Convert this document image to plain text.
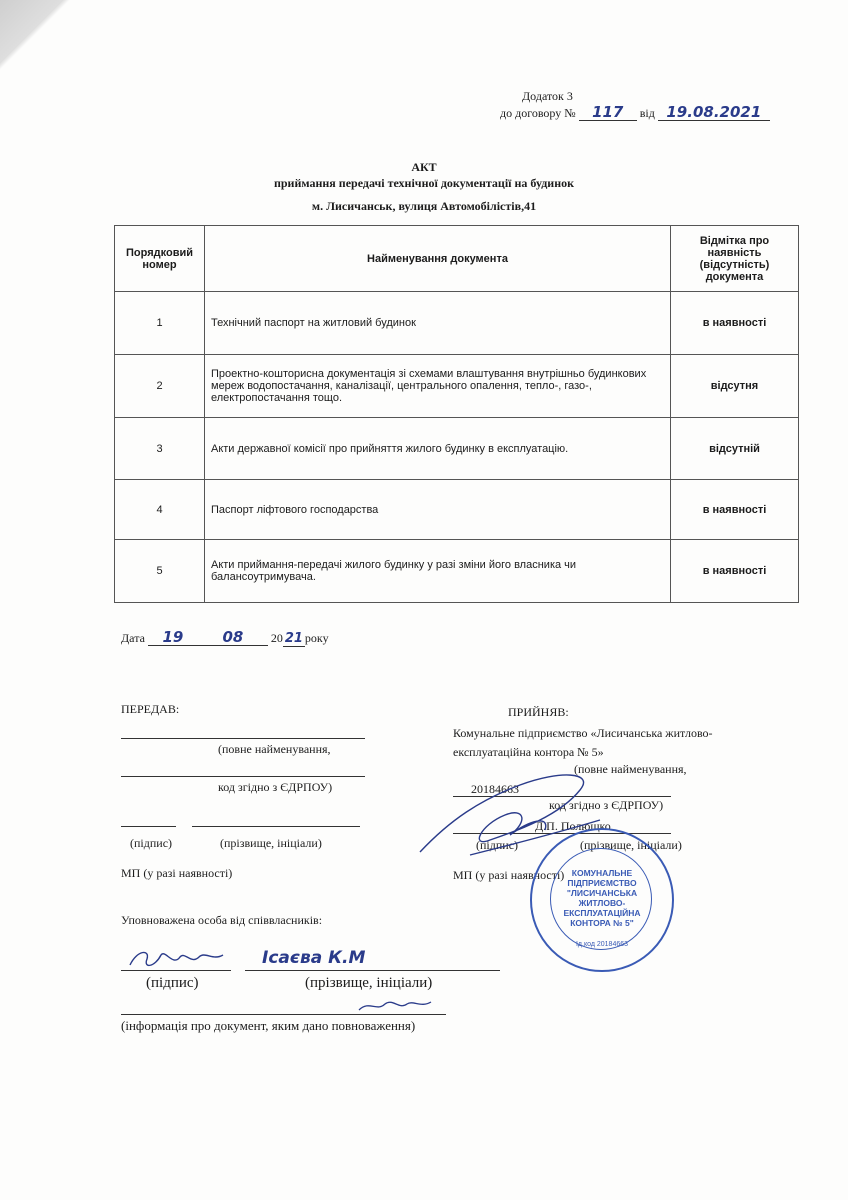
Додаток 3
до договору № 117 від 19.08.2021
АКТ
приймання передачі технічної документації на будинок
м. Лисичанськ, вулиця Автомобілістів,41
Порядковий номер	Найменування документа	Відмітка про наявність (відсутність) документа
1	Технічний паспорт на житловий будинок	в наявності
2	Проектно-кошторисна документація зі схемами влаштування внутрішньо будинкових мереж водопостачання, каналізації, центрального опалення, тепло-, газо-, електропостачання тощо.	відсутня
3	Акти державної комісії про прийняття жилого будинку в експлуатацію.	відсутній
4	Паспорт ліфтового господарства	в наявності
5	Акти приймання-передачі жилого будинку у разі зміни його власника чи балансоутримувача.	в наявності
Дата 19	08 20 21 року
ПЕРЕДАВ:
(повне найменування,
код згідно з ЄДРПОУ)
(підпис)	(прізвище, ініціали)
МП (у разі наявності)
ПРИЙНЯВ:
Комунальне підприємство «Лисичанська житлово-
експлуатаційна контора № 5»
(повне найменування,
20184663
код згідно з ЄДРПОУ)
Д.П. Полющко
(підпис)	(прізвище, ініціали)
МП (у разі наявності) КОМУНАЛЬНЕ
ПІДПРИЄМСТВО
"ЛИСИЧАНСЬКА
ЖИТЛОВО-
ЕКСПЛУАТАЦІЙНА
КОНТОРА № 5"
Ід.код 20184663
Уповноважена особа від співвласників:
Ісаєва К.М
(підпис)	(прізвище, ініціали)
(інформація про документ, яким дано повноваження)
